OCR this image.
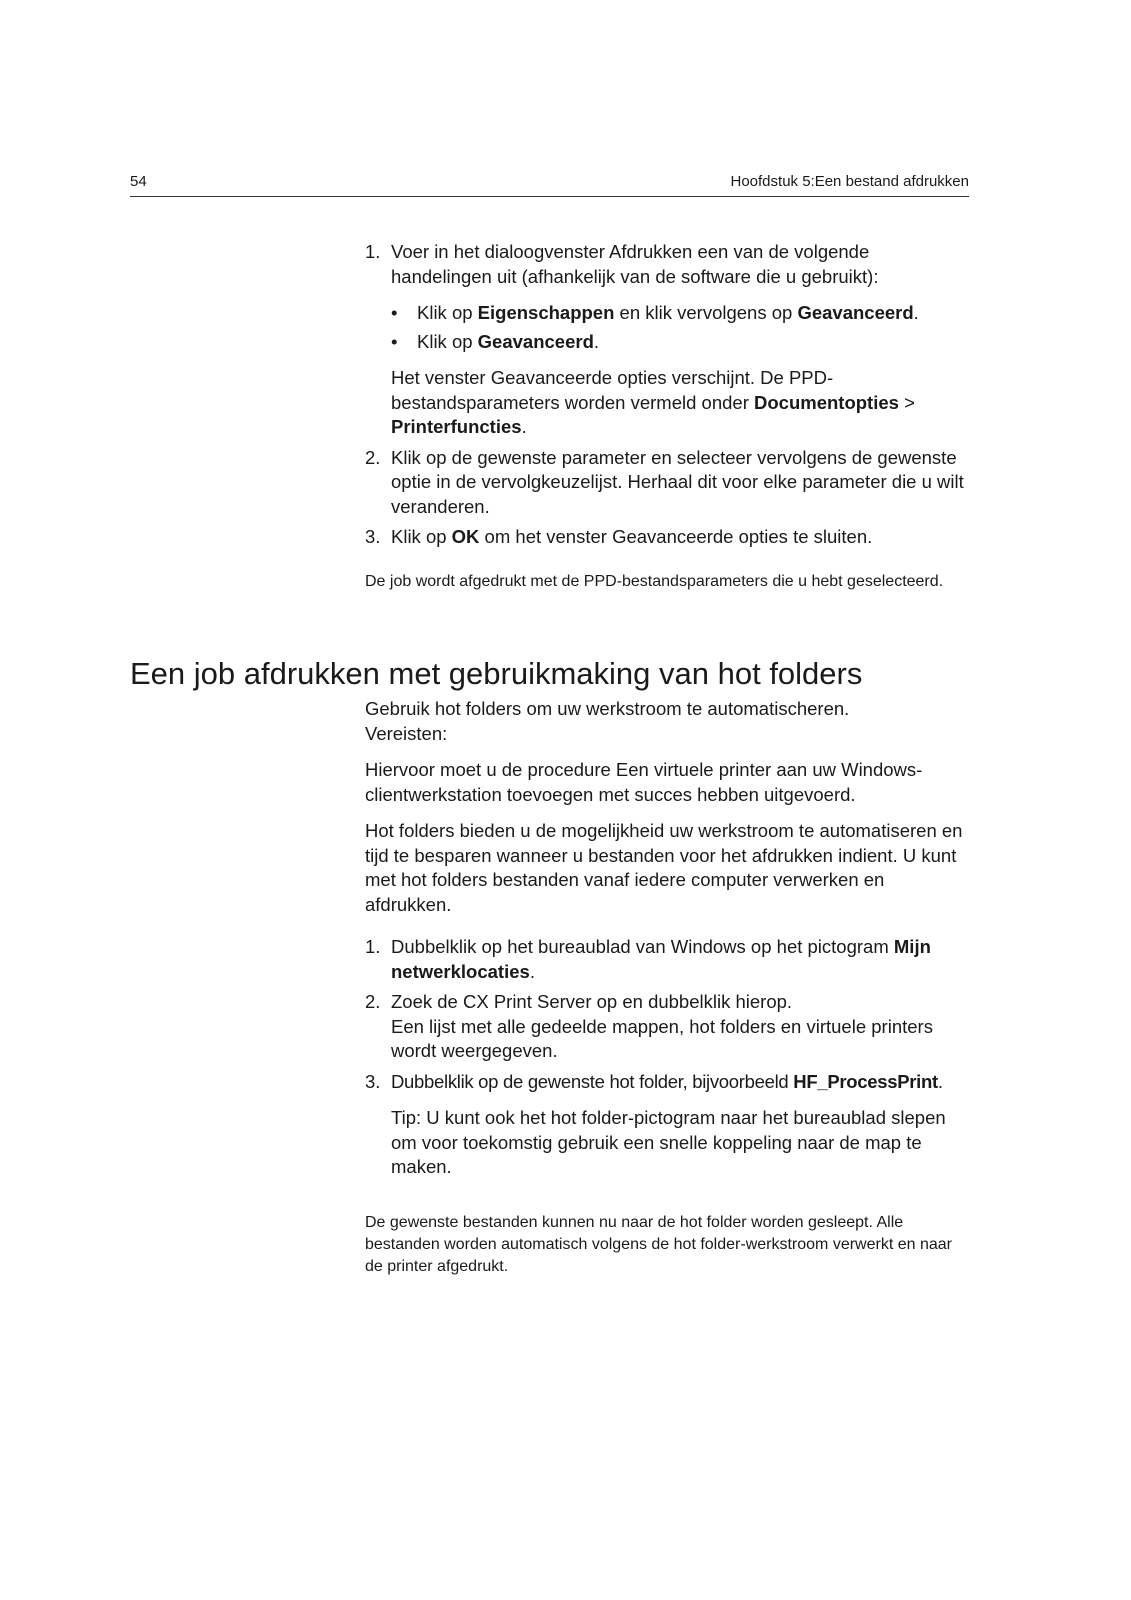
54	Hoofdstuk 5:Een bestand afdrukken
1. Voer in het dialoogvenster Afdrukken een van de volgende handelingen uit (afhankelijk van de software die u gebruikt):

• Klik op Eigenschappen en klik vervolgens op Geavanceerd.
• Klik op Geavanceerd.

Het venster Geavanceerde opties verschijnt. De PPD-bestandsparameters worden vermeld onder Documentopties > Printerfuncties.

2. Klik op de gewenste parameter en selecteer vervolgens de gewenste optie in de vervolgkeuzelijst. Herhaal dit voor elke parameter die u wilt veranderen.

3. Klik op OK om het venster Geavanceerde opties te sluiten.

De job wordt afgedrukt met de PPD-bestandsparameters die u hebt geselecteerd.
Een job afdrukken met gebruikmaking van hot folders

Gebruik hot folders om uw werkstroom te automatischeren.

Vereisten:

Hiervoor moet u de procedure Een virtuele printer aan uw Windows-clientwerkstation toevoegen met succes hebben uitgevoerd.

Hot folders bieden u de mogelijkheid uw werkstroom te automatiseren en tijd te besparen wanneer u bestanden voor het afdrukken indient. U kunt met hot folders bestanden vanaf iedere computer verwerken en afdrukken.

1. Dubbelklik op het bureaublad van Windows op het pictogram Mijn netwerklocaties.

2. Zoek de CX Print Server op en dubbelklik hierop.

Een lijst met alle gedeelde mappen, hot folders en virtuele printers wordt weergegeven.

3. Dubbelklik op de gewenste hot folder, bijvoorbeeld HF_ProcessPrint.

Tip: U kunt ook het hot folder-pictogram naar het bureaublad slepen om voor toekomstig gebruik een snelle koppeling naar de map te maken.

De gewenste bestanden kunnen nu naar de hot folder worden gesleept. Alle bestanden worden automatisch volgens de hot folder-werkstroom verwerkt en naar de printer afgedrukt.
